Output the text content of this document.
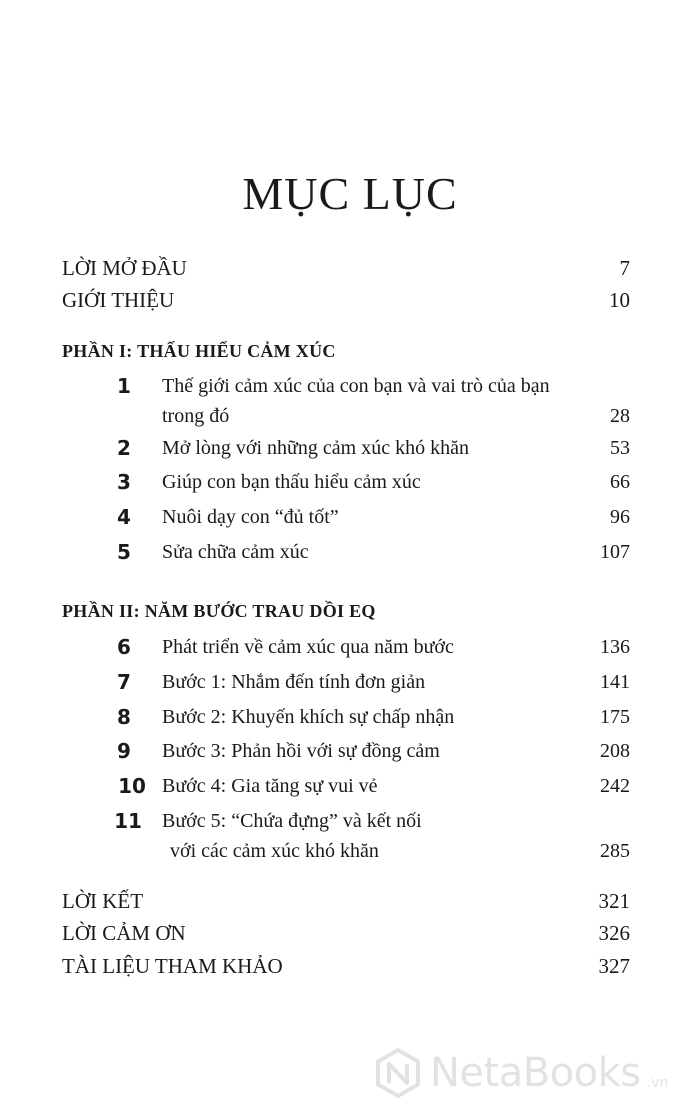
MỤC LỤC
LỜI MỞ ĐẦU	7
GIỚI THIỆU	10
PHẦN I: THẤU HIỂU CẢM XÚC
1	Thế giới cảm xúc của con bạn và vai trò của bạn
trong đó	28
2	Mở lòng với những cảm xúc khó khăn	53
3	Giúp con bạn thấu hiểu cảm xúc	66
4	Nuôi dạy con “đủ tốt”	96
5	Sửa chữa cảm xúc	107
PHẦN II: NĂM BƯỚC TRAU DỒI EQ
6	Phát triển về cảm xúc qua năm bước	136
7	Bước 1: Nhắm đến tính đơn giản	141
8	Bước 2: Khuyến khích sự chấp nhận	175
9	Bước 3: Phản hồi với sự đồng cảm	208
10 Bước 4: Gia tăng sự vui vẻ	242
11	Bước 5: “Chứa đựng” và kết nối
với các cảm xúc khó khăn	285
LỜI KẾT	321
LỜI CẢM ƠN	326
TÀI LIỆU THAM KHẢO	327
NetaBooks .vn
